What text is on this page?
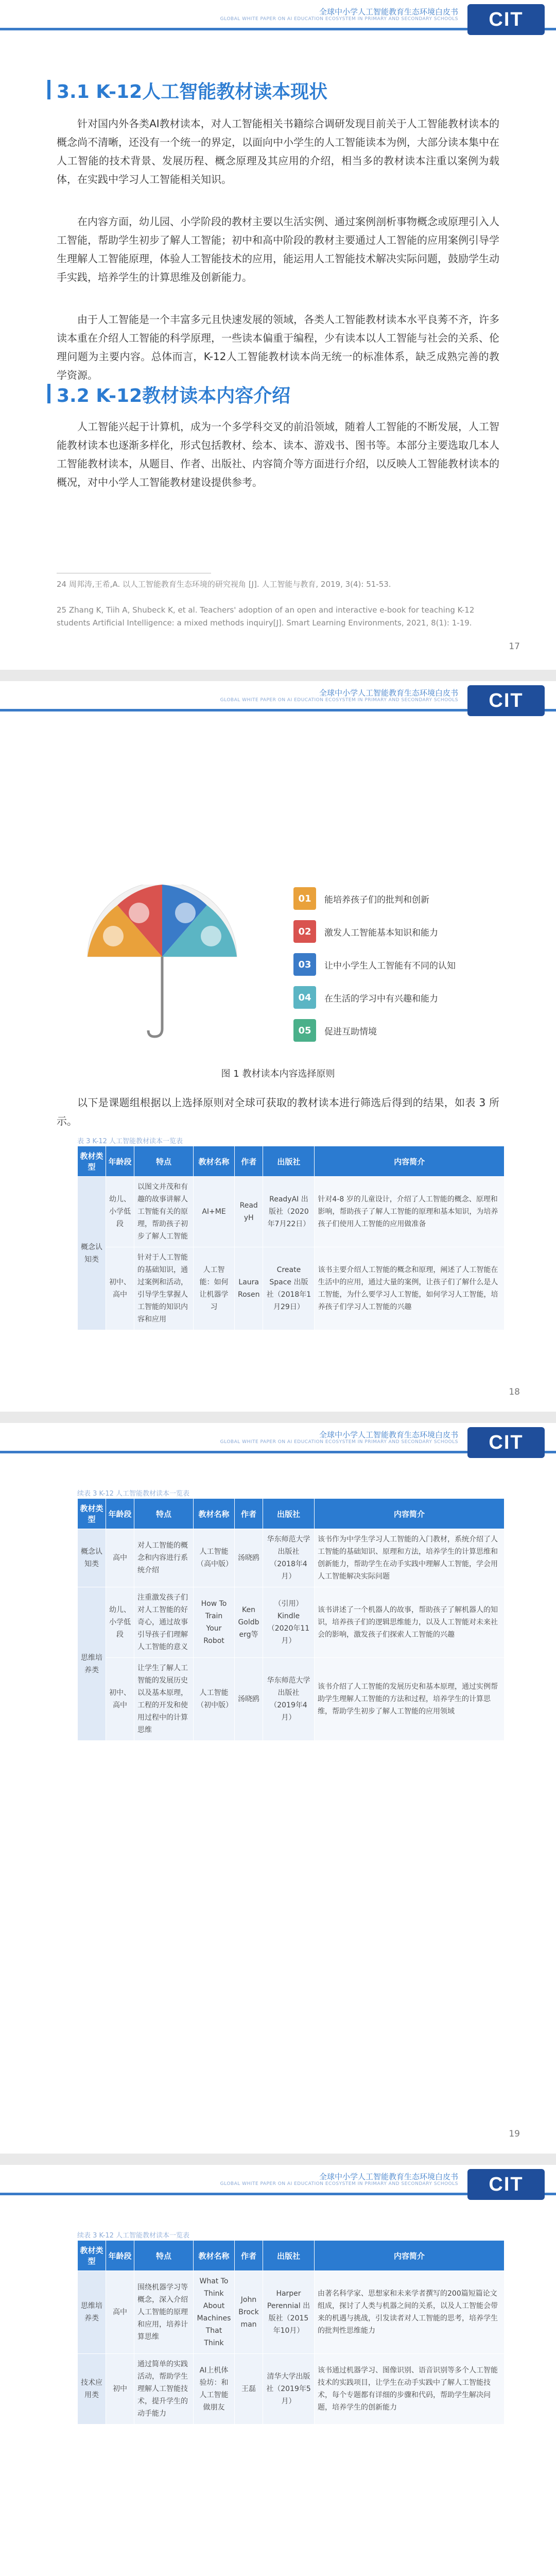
全球中小学人工智能教育生态环境白皮书
GLOBAL WHITE PAPER ON AI EDUCATION ECOSYSTEM IN PRIMARY AND SECONDARY SCHOOLS	CIT
3.1 K-12人工智能教材读本现状
针对国内外各类AI教材读本，对人工智能相关书籍综合调研发现目前关于人工智能教材读本的概念尚不清晰，还没有一个统一的界定，以面向中小学生的人工智能读本为例，大部分读本集中在人工智能的技术背景、发展历程、概念原理及其应用的介绍，相当多的教材读本注重以案例为载体，在实践中学习人工智能相关知识。
在内容方面，幼儿园、小学阶段的教材主要以生活实例、通过案例剖析事物概念或原理引入人工智能，帮助学生初步了解人工智能；初中和高中阶段的教材主要通过人工智能的应用案例引导学生理解人工智能原理，体验人工智能技术的应用，能运用人工智能技术解决实际问题，鼓励学生动手实践，培养学生的计算思维及创新能力。
由于人工智能是一个丰富多元且快速发展的领域，各类人工智能教材读本水平良莠不齐，许多读本重在介绍人工智能的科学原理，一些读本偏重于编程，少有读本以人工智能与社会的关系、伦理问题为主要内容。总体而言，K-12人工智能教材读本尚无统一的标准体系，缺乏成熟完善的教学资源。
3.2 K-12教材读本内容介绍
人工智能兴起于计算机，成为一个多学科交叉的前沿领域，随着人工智能的不断发展，人工智能教材读本也逐渐多样化，形式包括教材、绘本、读本、游戏书、图书等。本部分主要选取几本人工智能教材读本，从题目、作者、出版社、内容简介等方面进行介绍，以反映人工智能教材读本的概况，对中小学人工智能教材建设提供参考。
24 周邦涛,王希,A. 以人工智能教育生态环境的研究视角 [J]. 人工智能与教育, 2019, 3(4): 51-53.
25 Zhang K, Tiih A, Shubeck K, et al. Teachers' adoption of an open and interactive e-book for teaching K-12 students Artificial Intelligence: a mixed methods inquiry[J]. Smart Learning Environments, 2021, 8(1): 1-19.
17
全球中小学人工智能教育生态环境白皮书
GLOBAL WHITE PAPER ON AI EDUCATION ECOSYSTEM IN PRIMARY AND SECONDARY SCHOOLS	CIT
01	能培养孩子们的批判和创新
02	激发人工智能基本知识和能力
03	让中小学生人工智能有不同的认知
04	在生活的学习中有兴趣和能力
05	促进互助情境
图 1 教材读本内容选择原则
以下是课题组根据以上选择原则对全球可获取的教材读本进行筛选后得到的结果，如表 3 所示。
表 3 K-12 人工智能教材读本一览表
教材类型	年龄段	特点	教材名称	作者	出版社	内容简介
概念认知类	幼儿、小学低段	以图文并茂和有趣的故事讲解人工智能有关的原理，帮助孩子初步了解人工智能	AI+ME	Read yH	ReadyAI 出版社（2020年7月22日）	针对4-8 岁的儿童设计，介绍了人工智能的概念、原理和影响，帮助孩子了解人工智能的原理和基本知识，为培养孩子们使用人工智能的应用做准备
	初中、高中	针对于人工智能的基础知识，通过案例和活动，引导学生掌握人工智能的知识内容和应用	人工智能：如何让机器学习	Laura Rosen	Create Space 出版社（2018年1月29日）	该书主要介绍人工智能的概念和原理，阐述了人工智能在生活中的应用，通过大量的案例，让孩子们了解什么是人工智能，为什么要学习人工智能，如何学习人工智能，培养孩子们学习人工智能的兴趣
18
全球中小学人工智能教育生态环境白皮书
GLOBAL WHITE PAPER ON AI EDUCATION ECOSYSTEM IN PRIMARY AND SECONDARY SCHOOLS	CIT
续表 3 K-12 人工智能教材读本一览表
教材类型	年龄段	特点	教材名称	作者	出版社	内容简介
概念认知类	高中	对人工智能的概念和内容进行系统介绍	人工智能（高中版）	汤晓鸥	华东师范大学出版社（2018年4月）	该书作为中学生学习人工智能的入门教材，系统介绍了人工智能的基础知识、原理和方法，培养学生的计算思维和创新能力，帮助学生在动手实践中理解人工智能，学会用人工智能解决实际问题
思维培养类	幼儿、小学低段	注重激发孩子们对人工智能的好奇心，通过故事引导孩子们理解人工智能的意义	How To Train Your Robot	Ken Goldb erg等	（引用） Kindle（2020年11月）	该书讲述了一个机器人的故事，帮助孩子了解机器人的知识，培养孩子们的逻辑思维能力，以及人工智能对未来社会的影响，激发孩子们探索人工智能的兴趣
	初中、高中	让学生了解人工智能的发展历史以及基本原理，工程的开发和使用过程中的计算思维	人工智能（初中版）	汤晓鸥	华东师范大学出版社（2019年4月）	该书介绍了人工智能的发展历史和基本原理，通过实例帮助学生理解人工智能的方法和过程，培养学生的计算思维，帮助学生初步了解人工智能的应用领域
19
全球中小学人工智能教育生态环境白皮书
GLOBAL WHITE PAPER ON AI EDUCATION ECOSYSTEM IN PRIMARY AND SECONDARY SCHOOLS	CIT
续表 3 K-12 人工智能教材读本一览表
教材类型	年龄段	特点	教材名称	作者	出版社	内容简介
思维培养类	高中	围绕机器学习等概念，深入介绍人工智能的原理和应用，培养计算思维	What To Think About Machines That Think	John Brock man	Harper Perennial 出版社（2015年10月）	由著名科学家、思想家和未来学者撰写的200篇短篇论文组成，探讨了人类与机器之间的关系，以及人工智能会带来的机遇与挑战，引发读者对人工智能的思考，培养学生的批判性思维能力
技术应用类	初中	通过简单的实践活动，帮助学生理解人工智能技术，提升学生的动手能力	AI上机体验坊：和人工智能做朋友	王磊	清华大学出版社（2019年5月）	该书通过机器学习、图像识别、语音识别等多个人工智能技术的实践项目，让学生在动手实践中了解人工智能技术，每个专题都有详细的步骤和代码，帮助学生解决问题，培养学生的创新能力
